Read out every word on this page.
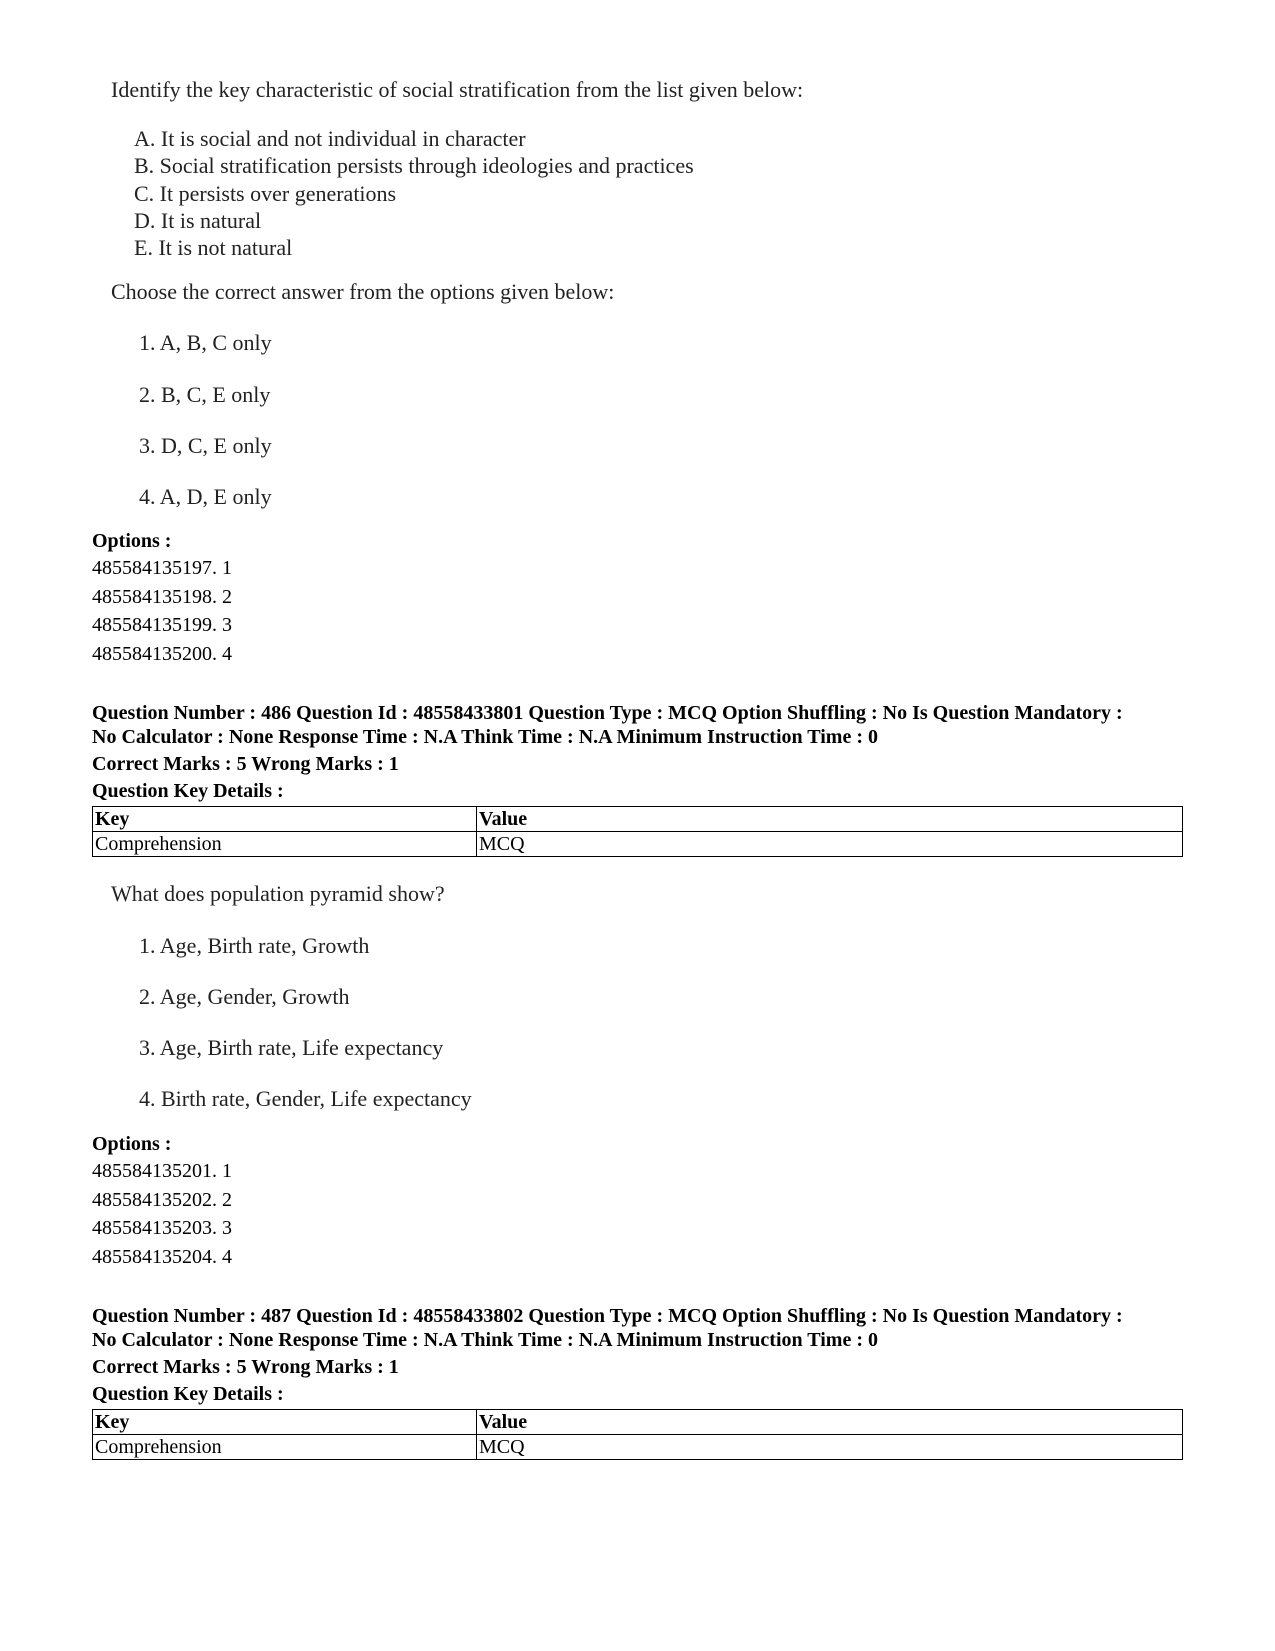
Identify the key characteristic of social stratification from the list given below:
A. It is social and not individual in character
B. Social stratification persists through ideologies and practices
C. It persists over generations
D. It is natural
E. It is not natural
Choose the correct answer from the options given below:
1. A, B, C only
2. B, C, E only
3. D, C, E only
4. A, D, E only
Options :
485584135197. 1
485584135198. 2
485584135199. 3
485584135200. 4
Question Number : 486 Question Id : 48558433801 Question Type : MCQ Option Shuffling : No Is Question Mandatory :
No Calculator : None Response Time : N.A Think Time : N.A Minimum Instruction Time : 0
Correct Marks : 5 Wrong Marks : 1
Question Key Details :
Key	Value
Comprehension	MCQ
What does population pyramid show?
1. Age, Birth rate, Growth
2. Age, Gender, Growth
3. Age, Birth rate, Life expectancy
4. Birth rate, Gender, Life expectancy
Options :
485584135201. 1
485584135202. 2
485584135203. 3
485584135204. 4
Question Number : 487 Question Id : 48558433802 Question Type : MCQ Option Shuffling : No Is Question Mandatory :
No Calculator : None Response Time : N.A Think Time : N.A Minimum Instruction Time : 0
Correct Marks : 5 Wrong Marks : 1
Question Key Details :
Key	Value
Comprehension	MCQ
